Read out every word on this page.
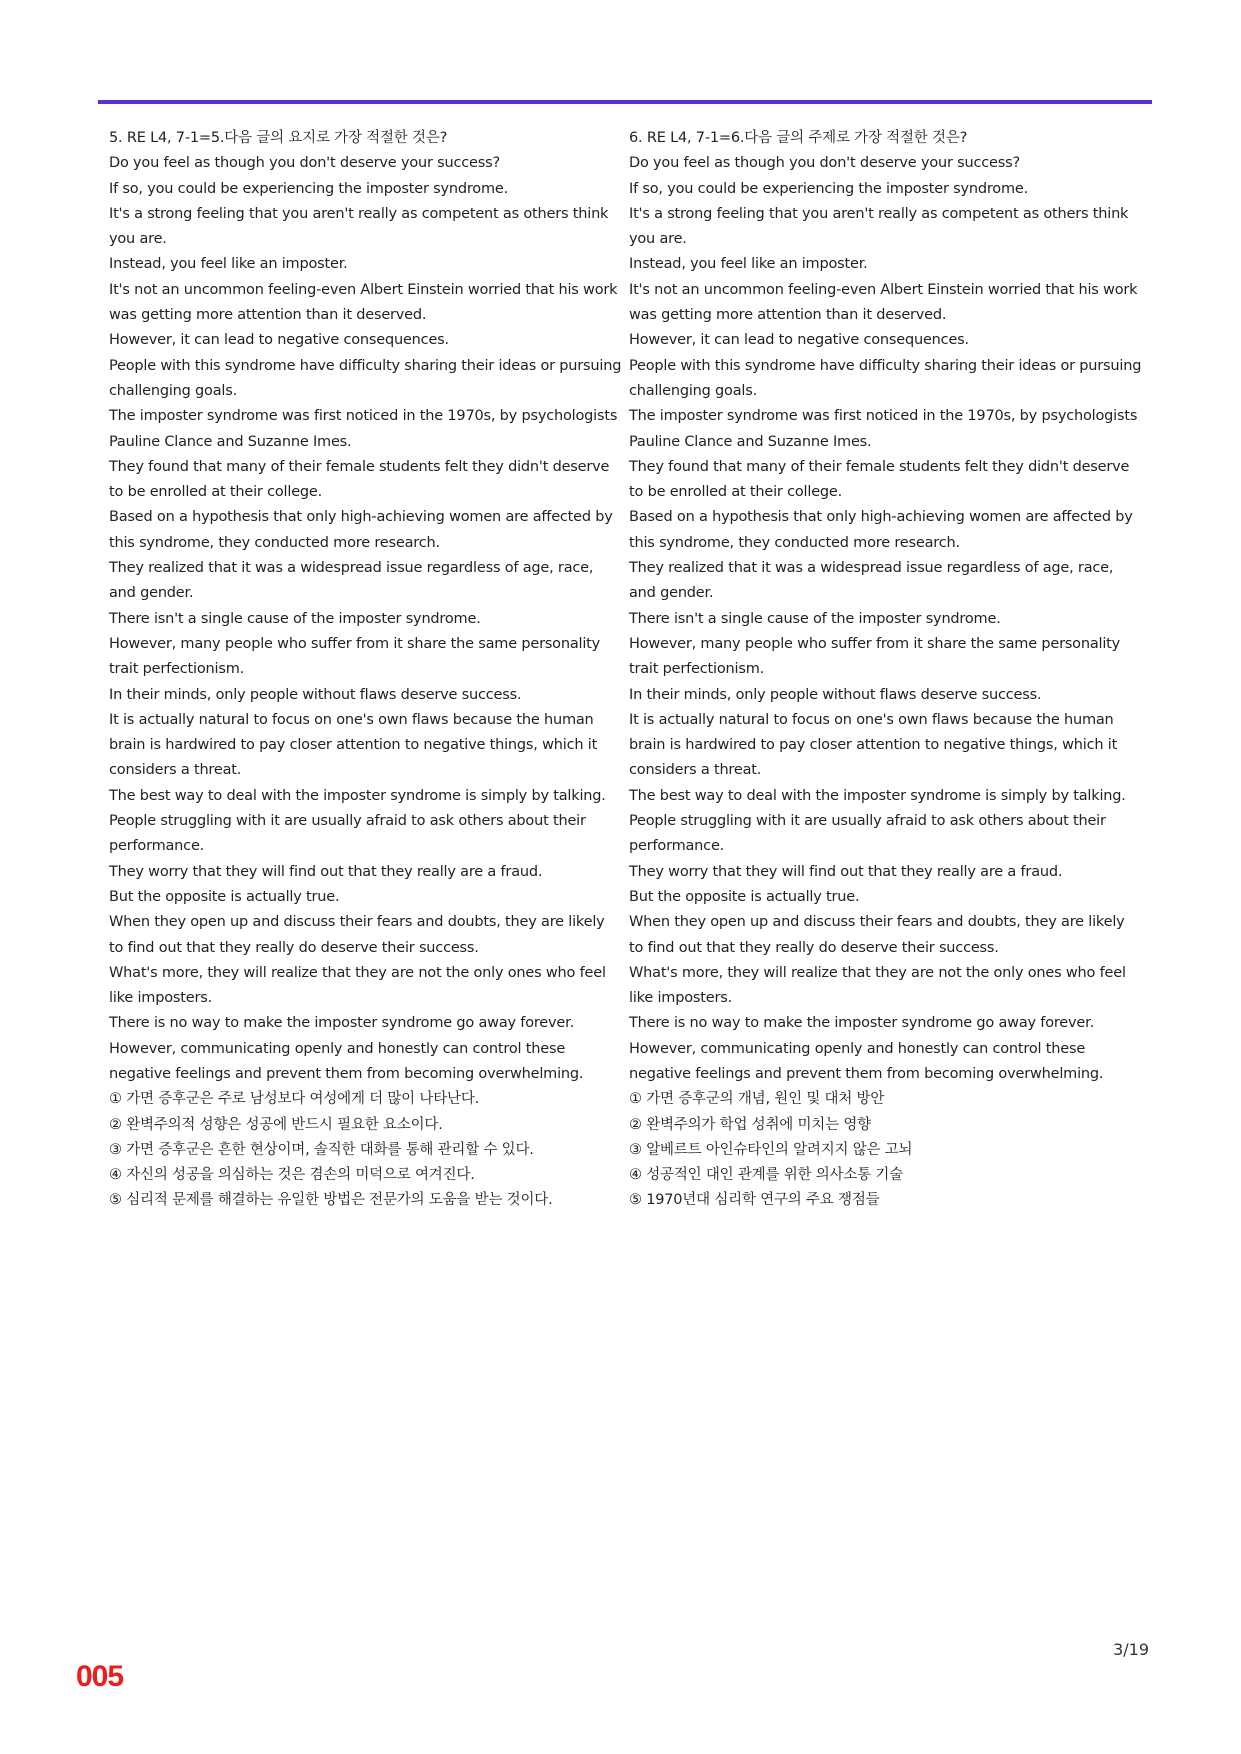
5. RE L4, 7-1=5.다음 글의 요지로 가장 적절한 것은?

Do you feel as though you don't deserve your success?

If so, you could be experiencing the imposter syndrome.

It's a strong feeling that you aren't really as competent as others think you are.

Instead, you feel like an imposter.

It's not an uncommon feeling-even Albert Einstein worried that his work was getting more attention than it deserved.

However, it can lead to negative consequences.

People with this syndrome have difficulty sharing their ideas or pursuing challenging goals.

The imposter syndrome was first noticed in the 1970s, by psychologists Pauline Clance and Suzanne Imes.

They found that many of their female students felt they didn't deserve to be enrolled at their college.

Based on a hypothesis that only high-achieving women are affected by this syndrome, they conducted more research.

They realized that it was a widespread issue regardless of age, race, and gender.

There isn't a single cause of the imposter syndrome.

However, many people who suffer from it share the same personality trait perfectionism.

In their minds, only people without flaws deserve success.

It is actually natural to focus on one's own flaws because the human brain is hardwired to pay closer attention to negative things, which it considers a threat.

The best way to deal with the imposter syndrome is simply by talking.

People struggling with it are usually afraid to ask others about their performance.

They worry that they will find out that they really are a fraud.

But the opposite is actually true.

When they open up and discuss their fears and doubts, they are likely to find out that they really do deserve their success.

What's more, they will realize that they are not the only ones who feel like imposters.

There is no way to make the imposter syndrome go away forever.

However, communicating openly and honestly can control these negative feelings and prevent them from becoming overwhelming.

① 가면 증후군은 주로 남성보다 여성에게 더 많이 나타난다.

② 완벽주의적 성향은 성공에 반드시 필요한 요소이다.

③ 가면 증후군은 흔한 현상이며, 솔직한 대화를 통해 관리할 수 있다.

④ 자신의 성공을 의심하는 것은 겸손의 미덕으로 여겨진다.

⑤ 심리적 문제를 해결하는 유일한 방법은 전문가의 도움을 받는 것이다.

6. RE L4, 7-1=6.다음 글의 주제로 가장 적절한 것은?

Do you feel as though you don't deserve your success?

If so, you could be experiencing the imposter syndrome.

It's a strong feeling that you aren't really as competent as others think you are.

Instead, you feel like an imposter.

It's not an uncommon feeling-even Albert Einstein worried that his work was getting more attention than it deserved.

However, it can lead to negative consequences.

People with this syndrome have difficulty sharing their ideas or pursuing challenging goals.

The imposter syndrome was first noticed in the 1970s, by psychologists Pauline Clance and Suzanne Imes.

They found that many of their female students felt they didn't deserve to be enrolled at their college.

Based on a hypothesis that only high-achieving women are affected by this syndrome, they conducted more research.

They realized that it was a widespread issue regardless of age, race, and gender.

There isn't a single cause of the imposter syndrome.

However, many people who suffer from it share the same personality trait perfectionism.

In their minds, only people without flaws deserve success.

It is actually natural to focus on one's own flaws because the human brain is hardwired to pay closer attention to negative things, which it considers a threat.

The best way to deal with the imposter syndrome is simply by talking.

People struggling with it are usually afraid to ask others about their performance.

They worry that they will find out that they really are a fraud.

But the opposite is actually true.

When they open up and discuss their fears and doubts, they are likely to find out that they really do deserve their success.

What's more, they will realize that they are not the only ones who feel like imposters.

There is no way to make the imposter syndrome go away forever.

However, communicating openly and honestly can control these negative feelings and prevent them from becoming overwhelming.

① 가면 증후군의 개념, 원인 및 대처 방안

② 완벽주의가 학업 성취에 미치는 영향

③ 알베르트 아인슈타인의 알려지지 않은 고뇌

④ 성공적인 대인 관계를 위한 의사소통 기술

⑤ 1970년대 심리학 연구의 주요 쟁점들

3/19
005
